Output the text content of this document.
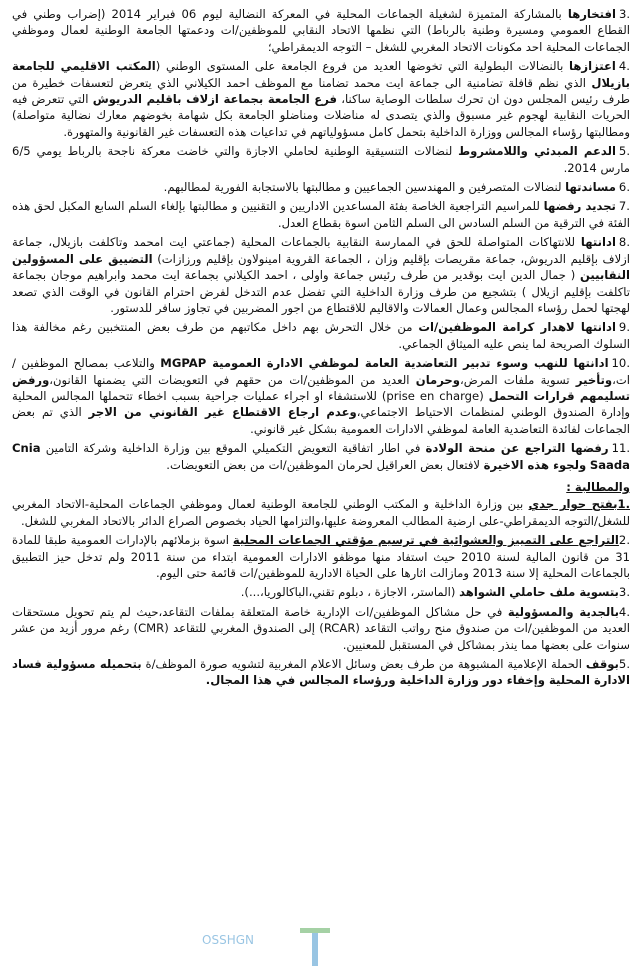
.3افتخارها بالمشاركة المتميزة لشغيلة الجماعات المحلية في المعركة النضالية ليوم 06 فبراير 2014 (إضراب وطني في القطاع العمومي ومسيرة وطنية بالرباط) التي نظمها الاتحاد النقابي للموظفين/ات ودعمتها الجامعة الوطنية لعمال وموظفي الجماعات المحلية احد مكونات الاتحاد المغربي للشغل – التوجه الديمقراطي؛
.4اعتزازها بالنضالات البطولية التي تخوضها العديد من فروع الجامعة على المستوى الوطني (المكتب الاقليمي للجامعة بازيلال الذي نظم قافلة تضامنية الى جماعة ايت محمد تضامنا مع الموظف احمد الكيلاني الذي يتعرض لتعسفات خطيرة من طرف رئيس المجلس دون ان تحرك سلطات الوصاية ساكنا، فرع الجامعة بجماعة ازلاف باقليم الدريوش التي تتعرض فيه الحريات النقابية لهجوم غير مسبوق والذي يتصدى له مناضلات ومناضلو الجامعة بكل شهامة بخوضهم معارك نضالية متواصلة) ومطالبتها رؤساء المجالس ووزارة الداخلية بتحمل كامل مسؤولياتهم في تداعيات هذه التعسفات غير القانونية والمتهورة.
.5الدعم المبدئي واللامشروط لنضالات التنسيقية الوطنية لحاملي الاجازة والتي خاضت معركة ناجحة بالرباط يومي 6/5 مارس 2014.
.6مساندتها لنضالات المتصرفين و المهندسين الجماعيين و مطالبتها بالاستجابة الفورية لمطالبهم.
.7تجديد رفضها للمراسيم التراجعية الخاصة بفئة المساعدين الاداريين و التقنيين و مطالبتها بإلغاء السلم السابع المكبل لحق هذه الفئة في الترقية من السلم السادس الى السلم الثامن اسوة بقطاع العدل.
.8ادانتها للانتهاكات المتواصلة للحق في الممارسة النقابية بالجماعات المحلية (جماعتي ايت امحمد وتاكلفت بازيلال، جماعة ازلاف بإقليم الدريوش، جماعة مقريصات بإقليم وزان ، الجماعة القروية امينولاون بإقليم ورزازات) التضييق على المسؤولين النقابيين ( جمال الدين ايت بوقدير من طرف رئيس جماعة واولى ، احمد الكيلاني بجماعة ايت محمد وابراهيم موجان بجماعة تاكلفت بإقليم ازيلال ) بتشجيع من طرف وزارة الداخلية التي تفضل عدم التدخل لفرض احترام القانون في الوقت الذي تصعد لهجتها لحمل رؤساء المجالس وعمال العمالات والاقاليم للاقتطاع من اجور المضربين في تجاوز سافر للدستور.
.9ادانتها لاهدار كرامة الموظفين/ات من خلال التحرش بهم داخل مكاتبهم من طرف بعض المنتخبين رغم مخالفة هذا السلوك الصريحة لما ينص عليه الميثاق الجماعي.
.10ادانتها للنهب وسوء تدبير التعاضدية العامة لموظفي الادارة العمومية MGPAP والتلاعب بمصالح الموظفين /ات،وتأخير تسوية ملفات المرض،وحرمان العديد من الموظفين/ات من حقهم في التعويضات التي يضمنها القانون،ورفض تسليمهم قرارات التحمل (prise en charge) للاستشفاء او اجراء عمليات جراحية بسبب اخطاء تتحملها المجالس المحلية وإدارة الصندوق الوطني لمنظمات الاحتياط الاجتماعي،وعدم ارجاع الاقتطاع غير القانوني من الاجر الذي تم بعض الجماعات لفائدة التعاضدية العامة لموظفي الادارات العمومية بشكل غير قانوني.
.11رفضها التراجع عن منحة الولادة في اطار اتفاقية التعويض التكميلي الموقع بين وزارة الداخلية وشركة التامين Cnia Saada ولجوء هذه الاخيرة لافتعال بعض العراقيل لحرمان الموظفين/ات من بعض التعويضات.
والمطالبة :
.1بفتح حوار جدي بين وزارة الداخلية و المكتب الوطني للجامعة الوطنية لعمال وموظفي الجماعات المحلية-الاتحاد المغربي للشغل/التوجه الديمقراطي-على ارضية المطالب المعروضة عليها،والتزامها الحياد بخصوص الصراع الدائر بالاتحاد المغربي للشغل.
.2التراجع على التمييز والعشوائية في ترسيم مؤقتي الجماعات المحلية اسوة بزملائهم بالإدارات العمومية طبقا للمادة 31 من قانون المالية لسنة 2010 حيث استفاد منها موظفو الادارات العمومية ابتداء من سنة 2011 ولم تدخل حيز التطبيق بالجماعات المحلية إلا سنة 2013 ومازالت اثارها على الحياة الادارية للموظفين/ات قائمة حتى اليوم.
.3بتسوية ملف حاملي الشواهد (الماستر، الاجازة ، دبلوم تقني،الباكالوريا،...).
.4بالجدية والمسؤولية في حل مشاكل الموظفين/ات الإدارية خاصة المتعلقة بملفات التقاعد،حيث لم يتم تحويل مستحقات العديد من الموظفين/ات من صندوق منح رواتب التقاعد (RCAR) إلى الصندوق المغربي للتقاعد (CMR) رغم مرور أزيد من عشر سنوات على بعضها مما ينذر بمشاكل في المستقبل للمعنيين.
.5بوقف الحملة الإعلامية المشبوهة من طرف بعض وسائل الاعلام المغربية لتشويه صورة الموظف/ة بتحميله مسؤولية فساد الادارة المحلية وإخفاء دور وزارة الداخلية ورؤساء المجالس في هذا المجال.
OSSHGN
